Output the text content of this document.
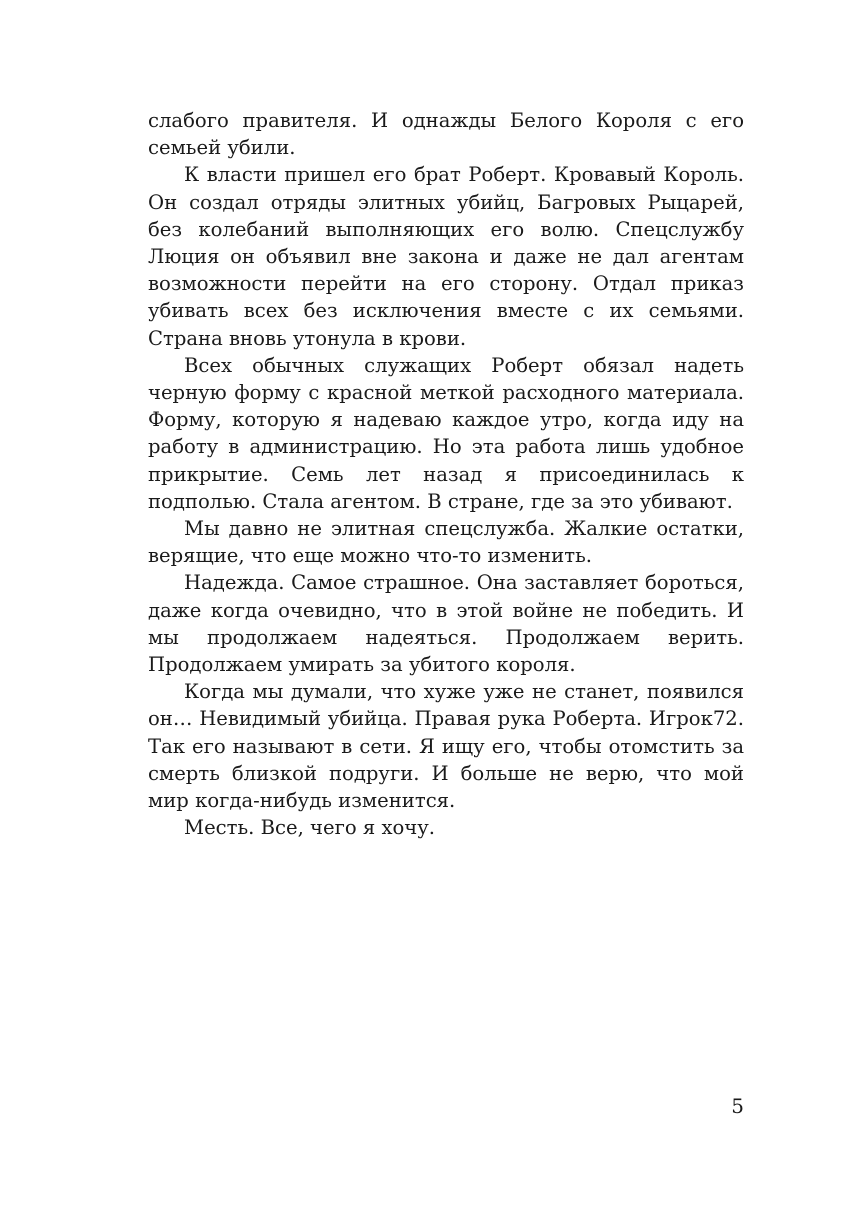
слабого правителя. И однажды Белого Короля с его семьей убили.

К власти пришел его брат Роберт. Кровавый Король. Он создал отряды элитных убийц, Багровых Рыцарей, без колебаний выполняющих его волю. Спецслужбу Люция он объявил вне закона и даже не дал агентам возможности перейти на его сторону. Отдал приказ убивать всех без исключения вместе с их семьями. Страна вновь утонула в крови.

Всех обычных служащих Роберт обязал надеть черную форму с красной меткой расходного материала. Форму, которую я надеваю каждое утро, когда иду на работу в администрацию. Но эта работа лишь удобное прикрытие. Семь лет назад я присоединилась к подполью. Стала агентом. В стране, где за это убивают.

Мы давно не элитная спецслужба. Жалкие остатки, верящие, что еще можно что-то изменить.

Надежда. Самое страшное. Она заставляет бороться, даже когда очевидно, что в этой войне не победить. И мы продолжаем надеяться. Продолжаем верить. Продолжаем умирать за убитого короля.

Когда мы думали, что хуже уже не станет, появился он… Невидимый убийца. Правая рука Роберта. Игрок72. Так его называют в сети. Я ищу его, чтобы отомстить за смерть близкой подруги. И больше не верю, что мой мир когда-нибудь изменится.

Месть. Все, чего я хочу.

5
